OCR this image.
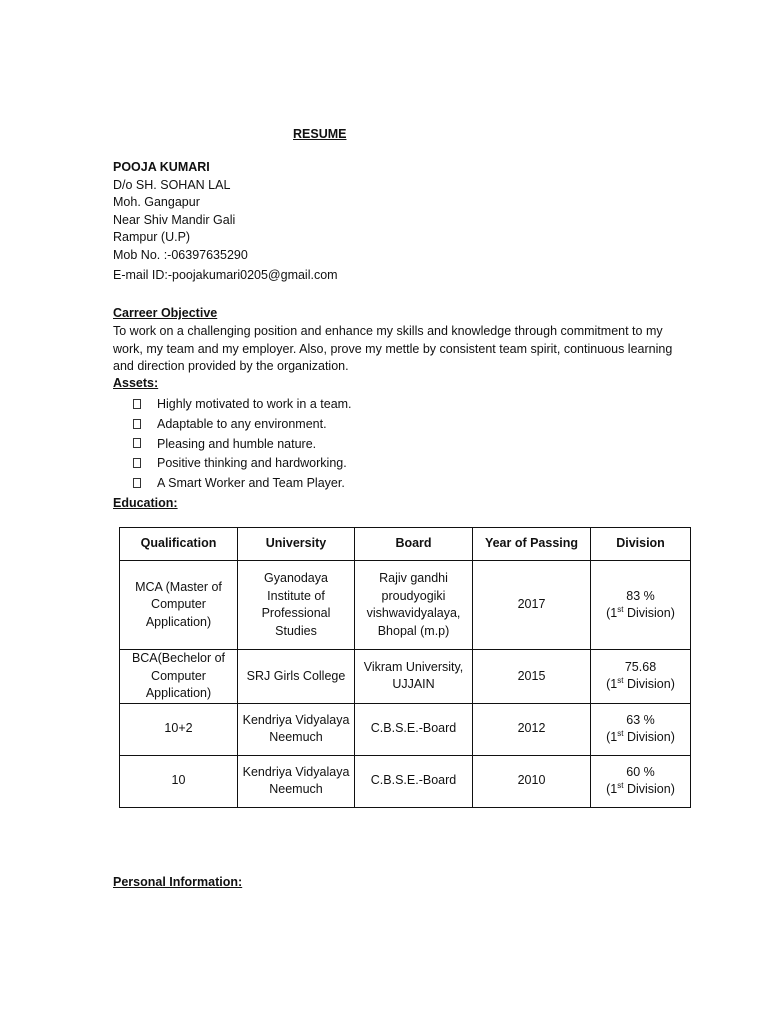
RESUME
POOJA KUMARI
D/o SH. SOHAN LAL
Moh. Gangapur
Near Shiv Mandir Gali
Rampur (U.P)
Mob No. :-06397635290
E-mail ID:-poojakumari0205@gmail.com
Carreer Objective
To work on a challenging position and enhance my skills and knowledge through commitment to my work, my team and my employer. Also, prove my mettle by consistent team spirit, continuous learning and direction provided by the organization.
Assets:
Highly motivated to work in a team.
Adaptable to any environment.
Pleasing and humble nature.
Positive thinking and hardworking.
A Smart Worker and Team Player.
Education:
Qualification	University	Board	Year of Passing	Division
MCA (Master of Computer Application)	Gyanodaya Institute of Professional Studies	Rajiv gandhi proudyogiki vishwavidyalaya, Bhopal (m.p)	2017	83 %
(1st Division)

BCA(Bechelor of Computer Application)	SRJ Girls College	Vikram University, UJJAIN	2015	75.68
(1st Division)

10+2	Kendriya Vidyalaya Neemuch	C.B.S.E.-Board	2012	63 %
(1st Division)

10	Kendriya Vidyalaya Neemuch	C.B.S.E.-Board	2010	60 %
(1st Division)
Personal Information:
